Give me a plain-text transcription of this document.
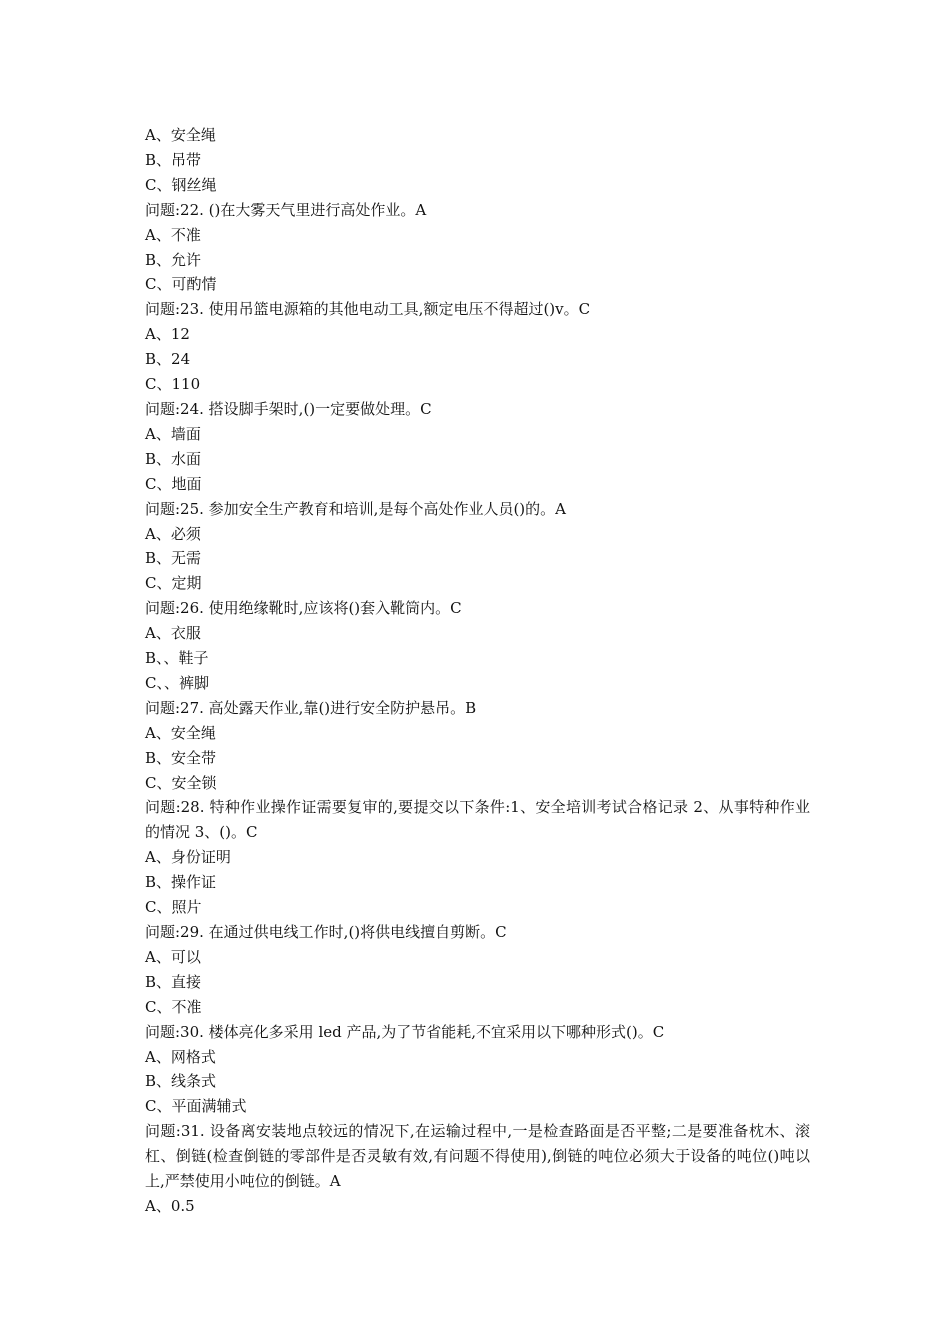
A、安全绳
B、吊带
C、钢丝绳
问题:22. ()在大雾天气里进行高处作业。A
A、不准
B、允许
C、可酌情
问题:23. 使用吊篮电源箱的其他电动工具,额定电压不得超过()v。C
A、12
B、24
C、110
问题:24. 搭设脚手架时,()一定要做处理。C
A、墙面
B、水面
C、地面
问题:25. 参加安全生产教育和培训,是每个高处作业人员()的。A
A、必须
B、无需
C、定期
问题:26. 使用绝缘靴时,应该将()套入靴筒内。C
A、衣服
B、、鞋子
C、、裤脚
问题:27. 高处露天作业,靠()进行安全防护悬吊。B
A、安全绳
B、安全带
C、安全锁
问题:28. 特种作业操作证需要复审的,要提交以下条件:1、安全培训考试合格记录 2、从事特种作业的情况 3、()。C
A、身份证明
B、操作证
C、照片
问题:29. 在通过供电线工作时,()将供电线擅自剪断。C
A、可以
B、直接
C、不准
问题:30. 楼体亮化多采用 led 产品,为了节省能耗,不宜采用以下哪种形式()。C
A、网格式
B、线条式
C、平面满辅式
问题:31. 设备离安装地点较远的情况下,在运输过程中,一是检查路面是否平整;二是要准备枕木、滚杠、倒链(检查倒链的零部件是否灵敏有效,有问题不得使用),倒链的吨位必须大于设备的吨位()吨以上,严禁使用小吨位的倒链。A
A、0.5
